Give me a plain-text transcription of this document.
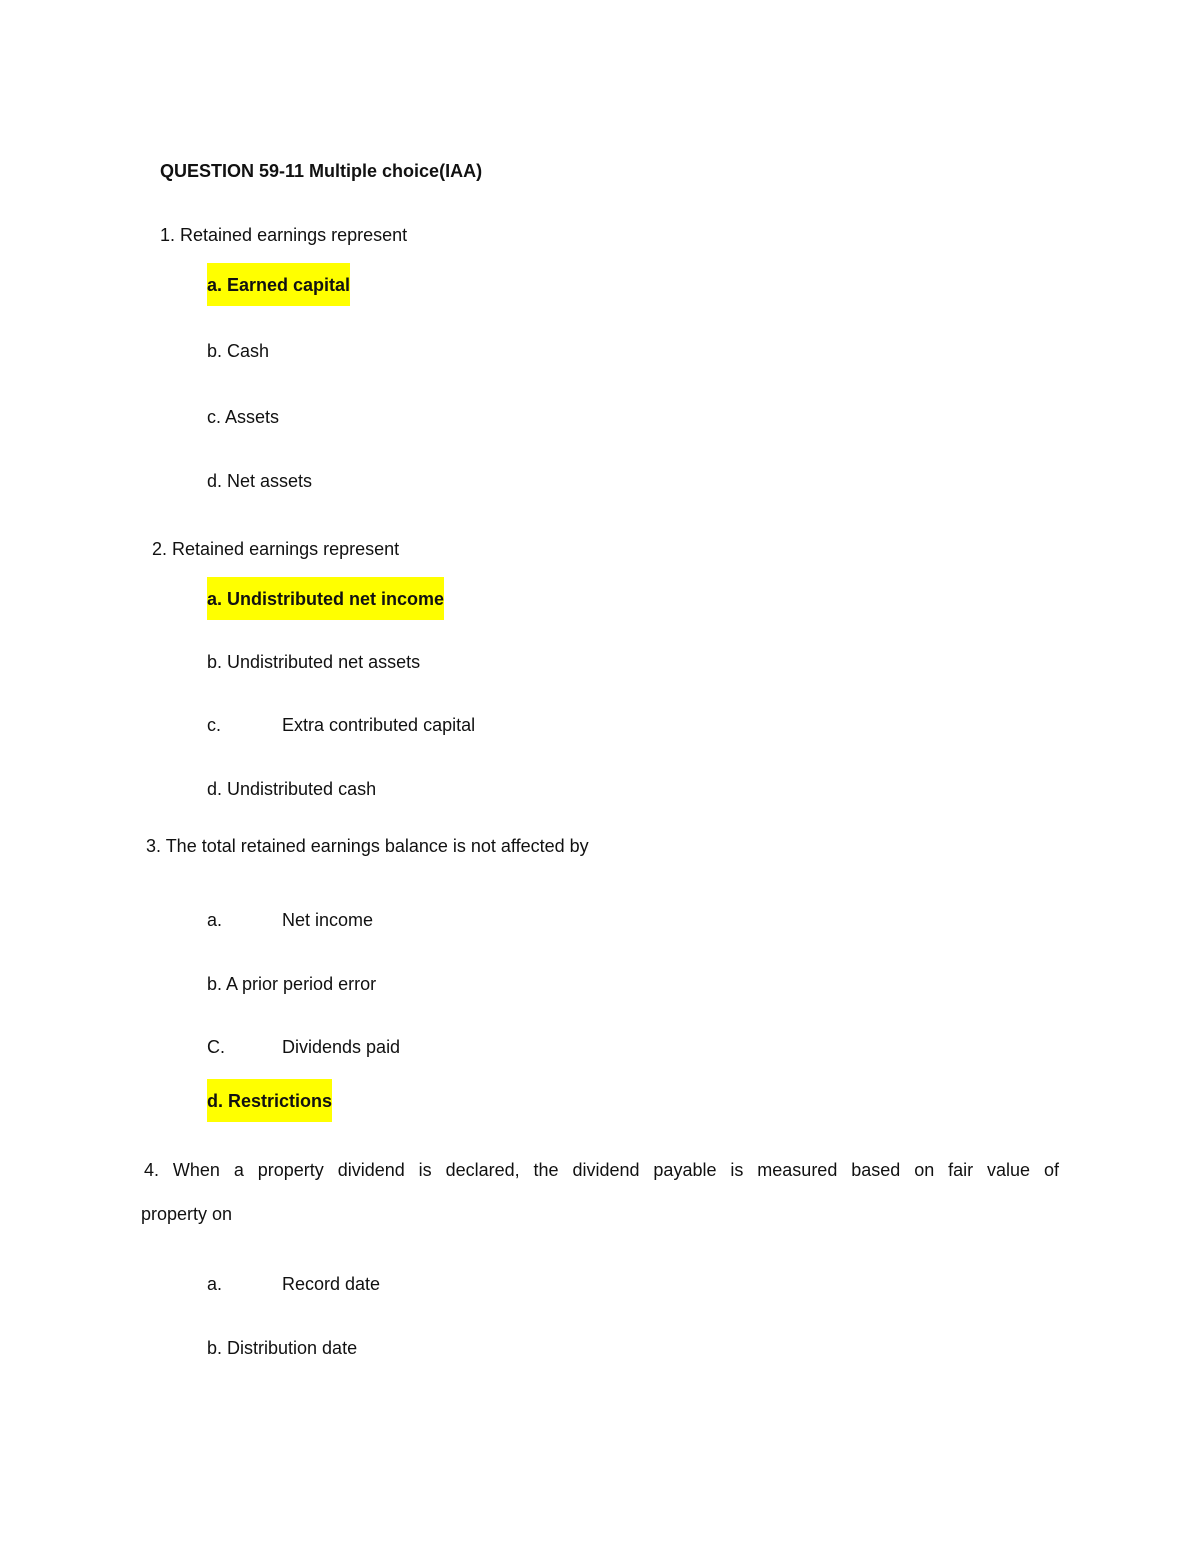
QUESTION 59-11 Multiple choice(IAA)
1. Retained earnings represent
a. Earned capital
b. Cash
c. Assets
d. Net assets
2. Retained earnings represent
a. Undistributed net income
b. Undistributed net assets
c.	Extra contributed capital
d. Undistributed cash
3. The total retained earnings balance is not affected by
a.	Net income
b. A prior period error
C.	Dividends paid
d. Restrictions
4. When a property dividend is declared, the dividend payable is measured based on fair value of
property on
a.	Record date
b. Distribution date
